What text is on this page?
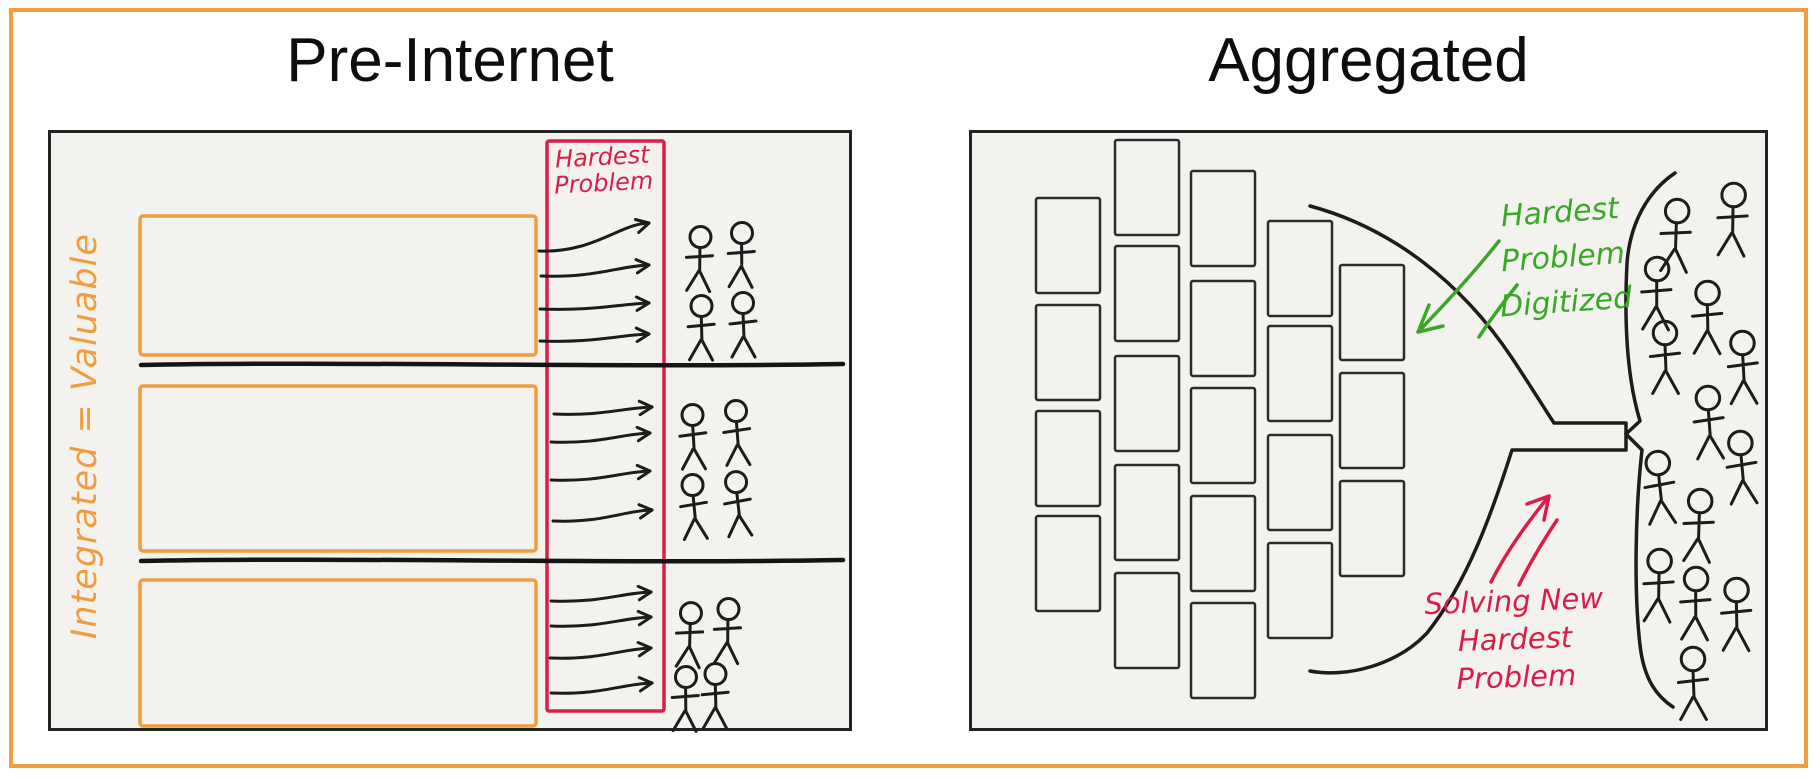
Pre-Internet	Aggregated
Integrated = Valuable
Hardest
Problem
Hardest
Problem
Digitized
Solving New
Hardest Problem
